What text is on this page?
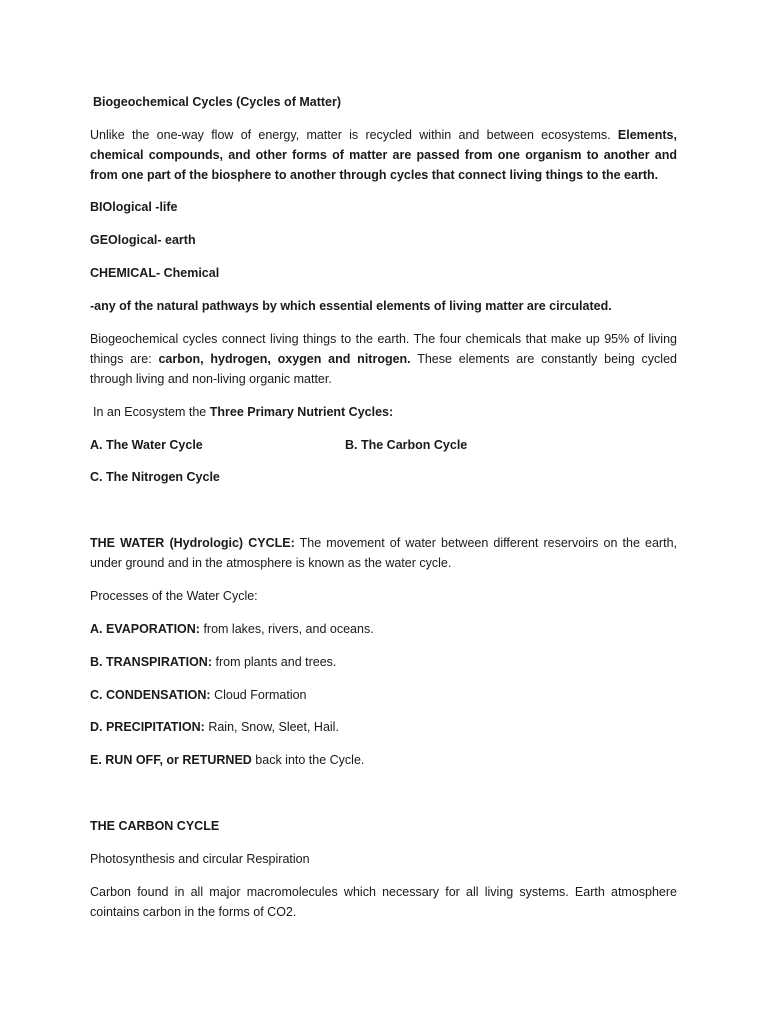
Biogeochemical Cycles (Cycles of Matter)

Unlike the one-way flow of energy, matter is recycled within and between ecosystems. Elements, chemical compounds, and other forms of matter are passed from one organism to another and from one part of the biosphere to another through cycles that connect living things to the earth.

BIOlogical -life

GEOlogical- earth

CHEMICAL- Chemical

-any of the natural pathways by which essential elements of living matter are circulated.

Biogeochemical cycles connect living things to the earth. The four chemicals that make up 95% of living things are: carbon, hydrogen, oxygen and nitrogen. These elements are constantly being cycled through living and non-living organic matter.

In an Ecosystem the Three Primary Nutrient Cycles:

A. The Water Cycle	B. The Carbon Cycle

C. The Nitrogen Cycle

THE WATER (Hydrologic) CYCLE: The movement of water between different reservoirs on the earth, under ground and in the atmosphere is known as the water cycle.

Processes of the Water Cycle:

A. EVAPORATION: from lakes, rivers, and oceans.

B. TRANSPIRATION: from plants and trees.

C. CONDENSATION: Cloud Formation

D. PRECIPITATION: Rain, Snow, Sleet, Hail.

E. RUN OFF, or RETURNED back into the Cycle.

THE CARBON CYCLE

Photosynthesis and circular Respiration

Carbon found in all major macromolecules which necessary for all living systems. Earth atmosphere cointains carbon in the forms of CO2.
